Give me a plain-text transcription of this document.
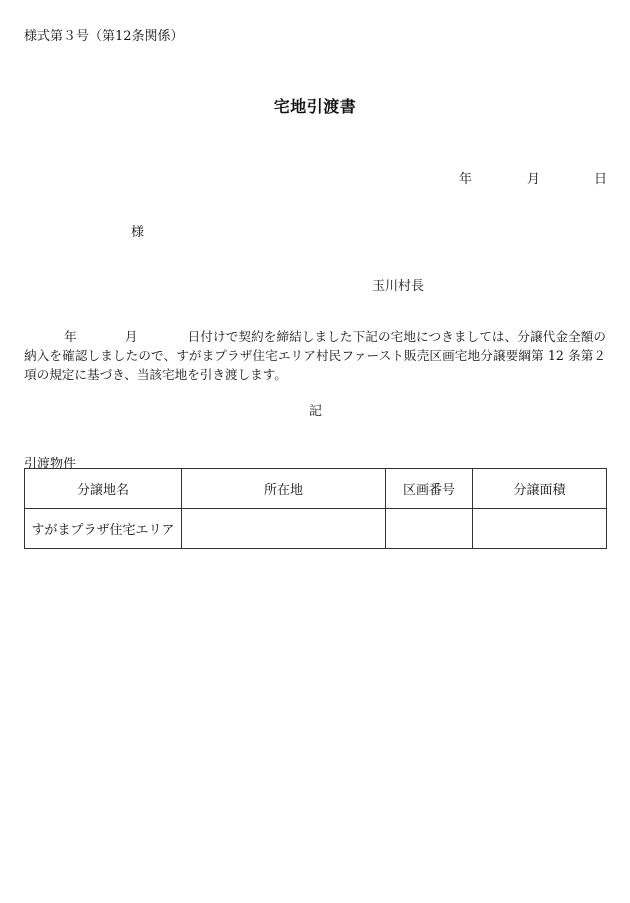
様式第３号（第12条関係）
宅地引渡書
年	月	日
様
玉川村長
年	月	日付けで契約を締結しました下記の宅地につきましては、分譲代金全額の納入を確認しましたので、すがまプラザ住宅エリア村民ファースト販売区画宅地分譲要綱第 12 条第２項の規定に基づき、当該宅地を引き渡します。
記
引渡物件
分譲地名	所在地	区画番号	分譲面積
すがまプラザ住宅エリア			
